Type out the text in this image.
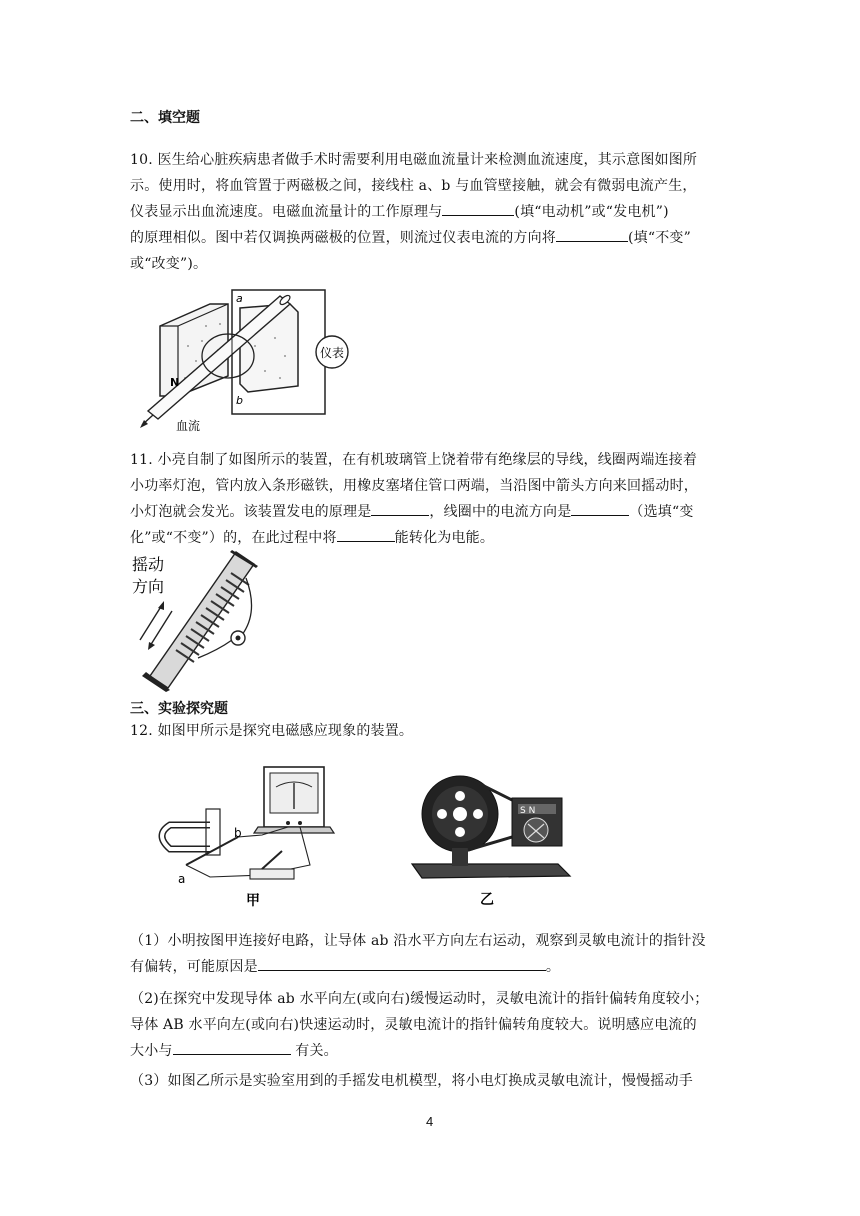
二、填空题
10. 医生给心脏疾病患者做手术时需要利用电磁血流量计来检测血流速度，其示意图如图所
示。使用时，将血管置于两磁极之间，接线柱 a、b 与血管壁接触，就会有微弱电流产生，
仪表显示出血流速度。电磁血流量计的工作原理与	(填“电动机”或“发电机”)
的原理相似。图中若仅调换两磁极的位置，则流过仪表电流的方向将	(填“不变”
或“改变”)。
仪表
a
b
N
血流
11. 小亮自制了如图所示的装置，在有机玻璃管上饶着带有绝缘层的导线，线圈两端连接着
小功率灯泡，管内放入条形磁铁，用橡皮塞堵住管口两端，当沿图中箭头方向来回摇动时，
小灯泡就会发光。该装置发电的原理是	，线圈中的电流方向是	（选填“变
化”或“不变”）的，在此过程中将	能转化为电能。
摇动
方向
三、实验探究题
12. 如图甲所示是探究电磁感应现象的装置。
a
b
甲
S N
乙
（1）小明按图甲连接好电路，让导体 ab 沿水平方向左右运动，观察到灵敏电流计的指针没
有偏转，可能原因是	。
（2)在探究中发现导体 ab 水平向左(或向右)缓慢运动时，灵敏电流计的指针偏转角度较小；
导体 AB 水平向左(或向右)快速运动时，灵敏电流计的指针偏转角度较大。说明感应电流的
大小与	有关。
（3）如图乙所示是实验室用到的手摇发电机模型，将小电灯换成灵敏电流计，慢慢摇动手
4
